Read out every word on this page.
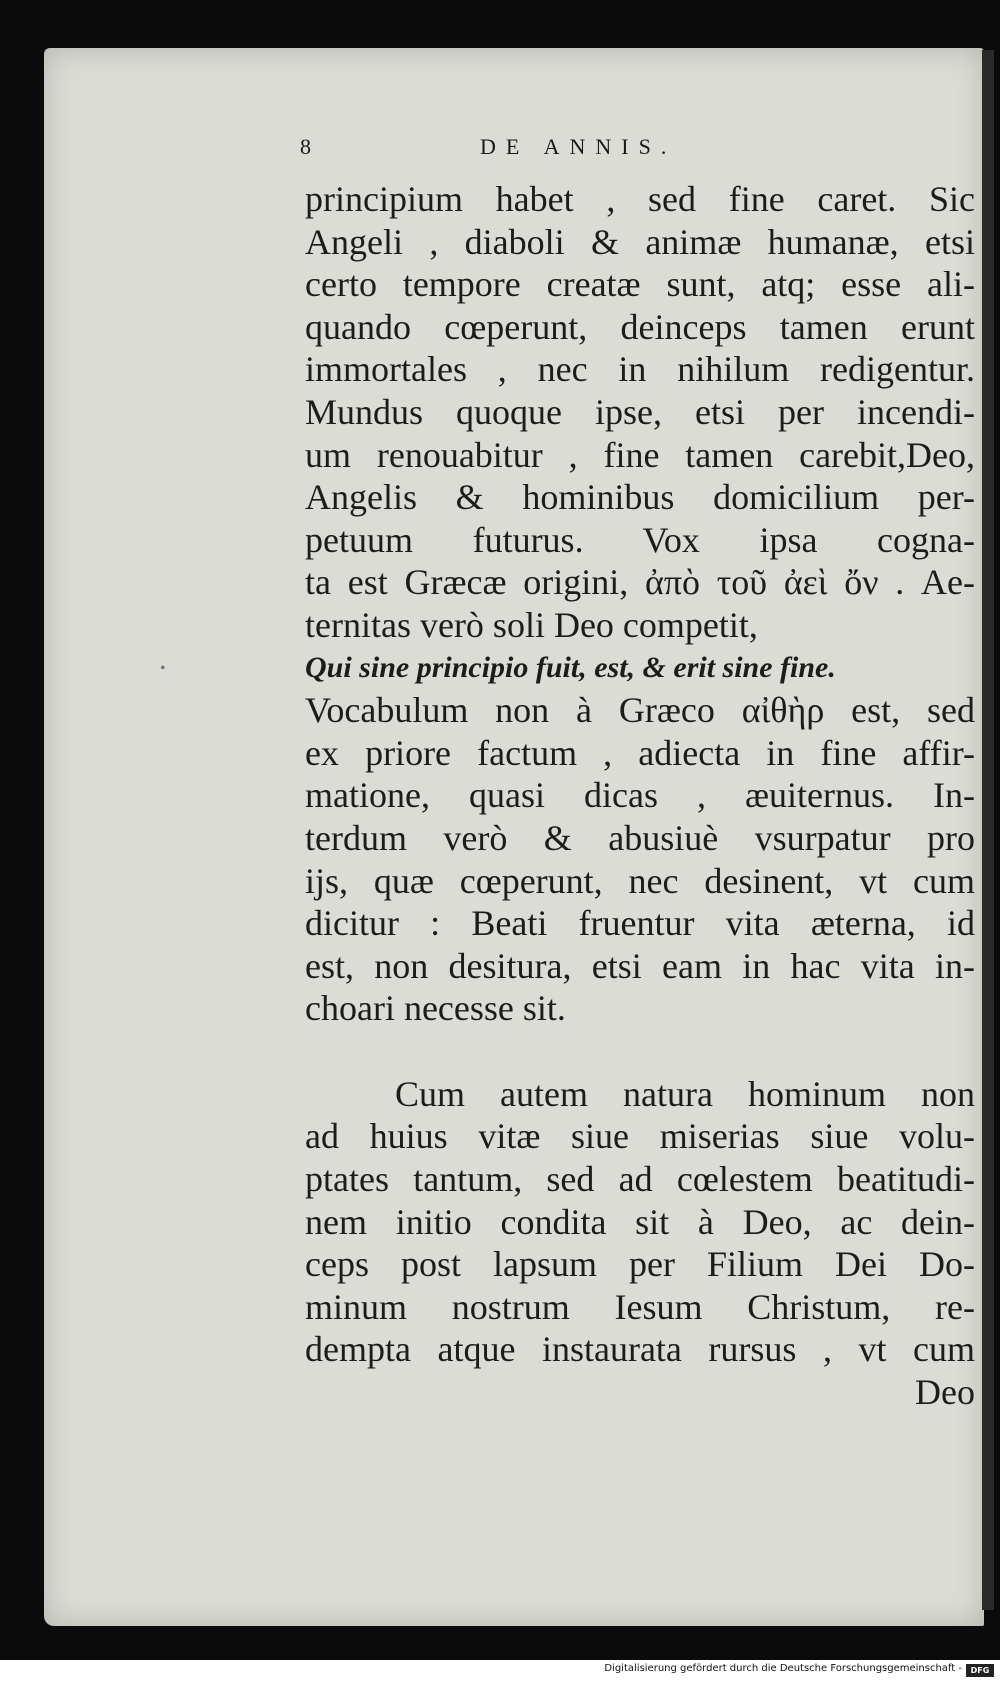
8	DE ANNIS.
•
principium habet , sed fine caret. Sic
Angeli , diaboli & animæ humanæ, etsi
certo tempore creatæ sunt, atq; esse ali-
quando cœperunt, deinceps tamen erunt
immortales , nec in nihilum redigentur.
Mundus quoque ipse, etsi per incendi-
um renouabitur , fine tamen carebit,Deo,
Angelis & hominibus domicilium per-
petuum futurus. Vox ipsa cogna-
ta est Græcæ origini, ἀπὸ τοῦ ἀεὶ ὄν . Ae-
ternitas verò soli Deo competit,
Qui sine principio fuit, est, & erit sine fine.
Vocabulum non à Græco αἰθὴρ est, sed
ex priore factum , adiecta in fine affir-
matione, quasi dicas , æuiternus. In-
terdum verò & abusiuè vsurpatur pro
ijs, quæ cœperunt, nec desinent, vt cum
dicitur : Beati fruentur vita æterna, id
est, non desitura, etsi eam in hac vita in-
choari necesse sit.
Cum autem natura hominum non
ad huius vitæ siue miserias siue volu-
ptates tantum, sed ad cœlestem beatitudi-
nem initio condita sit à Deo, ac dein-
ceps post lapsum per Filium Dei Do-
minum nostrum Iesum Christum, re-
dempta atque instaurata rursus , vt cum
Deo
Digitalisierung gefördert durch die Deutsche Forschungsgemeinschaft -	DFG
